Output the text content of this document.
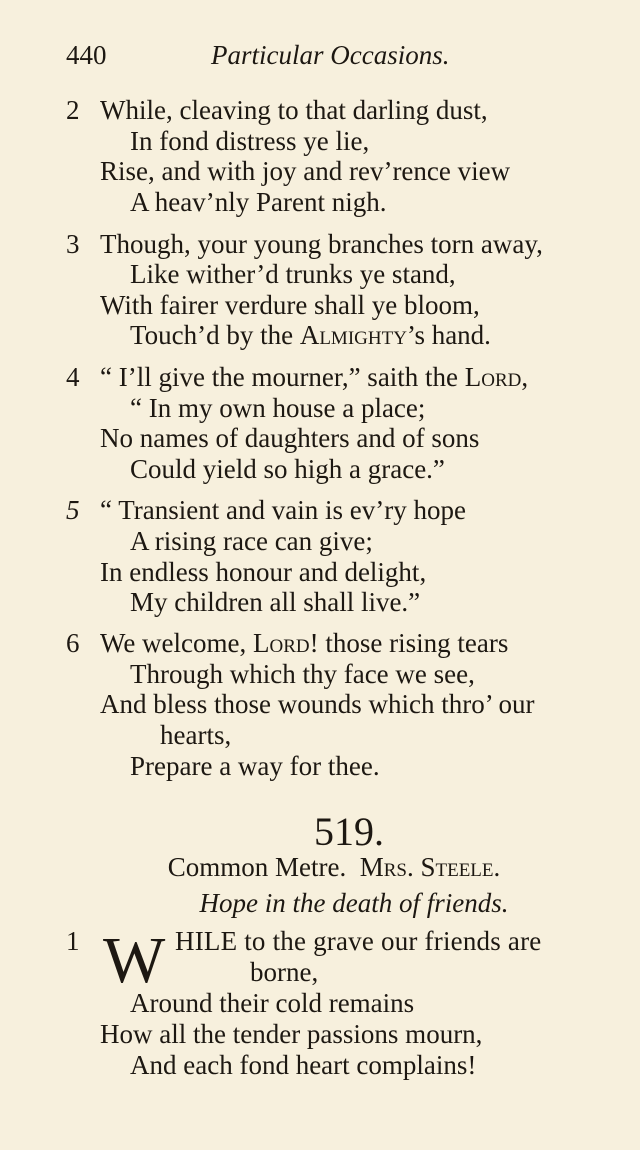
440	Particular Occasions.
2 While, cleaving to that darling dust,
In fond distress ye lie,
Rise, and with joy and rev’rence view
A heav’nly Parent nigh.
3 Though, your young branches torn away,
Like wither’d trunks ye stand,
With fairer verdure shall ye bloom,
Touch’d by the Almighty’s hand.
4 “ I’ll give the mourner,” saith the Lord,
“ In my own house a place;
No names of daughters and of sons
Could yield so high a grace.”
5 “ Transient and vain is ev’ry hope
A rising race can give;
In endless honour and delight,
My children all shall live.”
6 We welcome, Lord! those rising tears
Through which thy face we see,
And bless those wounds which thro’ our
hearts,
Prepare a way for thee.
519.
Common Metre. Mrs. Steele.
Hope in the death of friends.
1 W HILE to the grave our friends are
borne,
Around their cold remains
How all the tender passions mourn,
And each fond heart complains!
